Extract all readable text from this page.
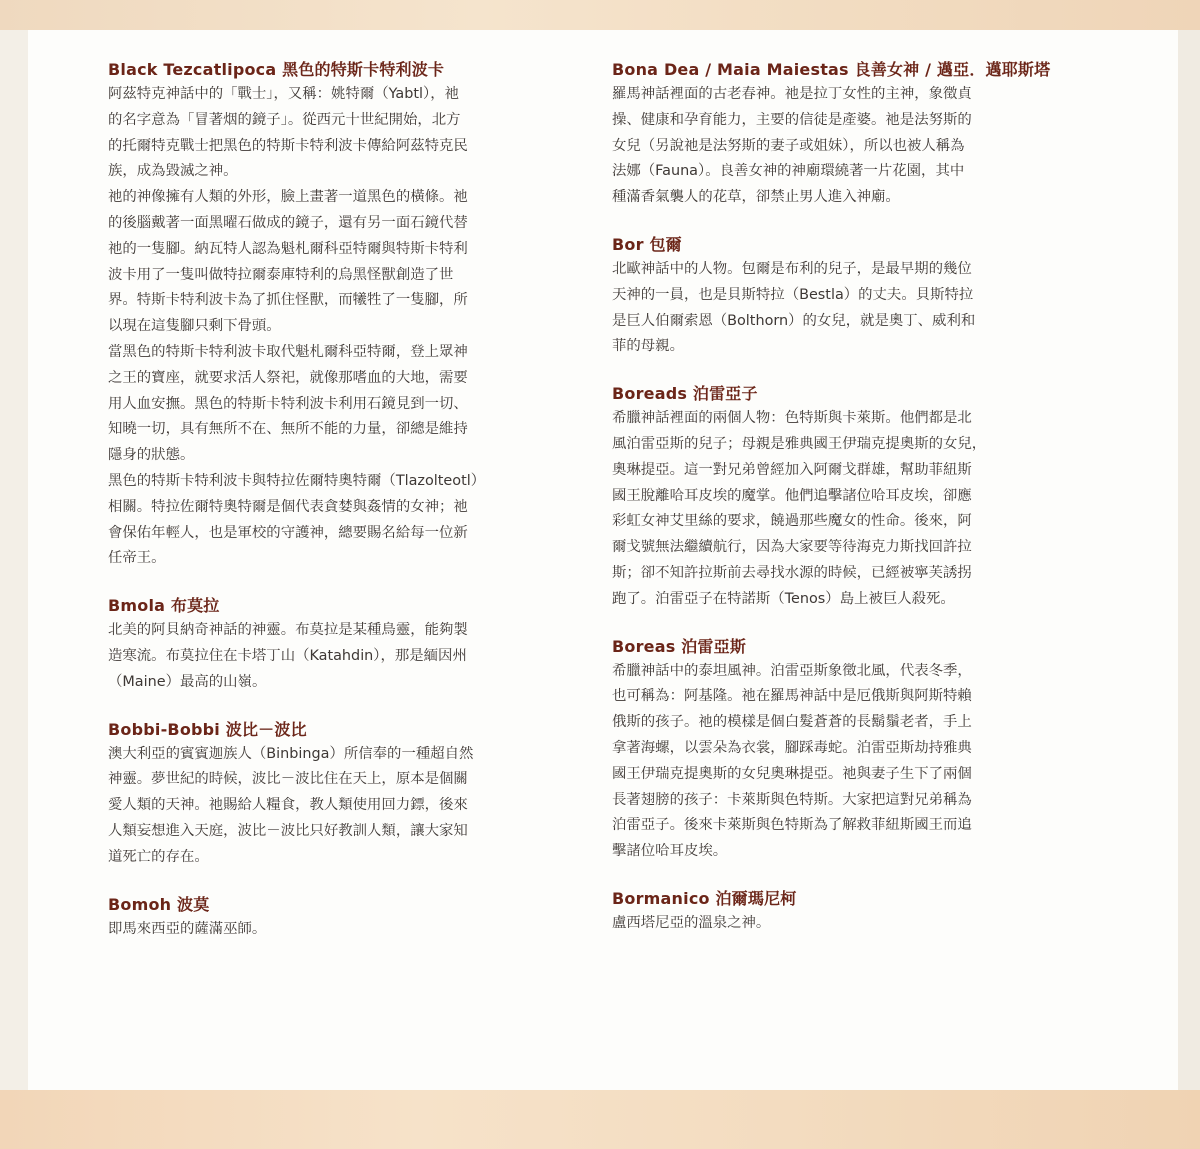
Black Tezcatlipoca 黑色的特斯卡特利波卡
阿茲特克神話中的「戰士」，又稱：姚特爾（Yabtl），祂
的名字意為「冒著烟的鏡子」。從西元十世紀開始，北方
的托爾特克戰士把黑色的特斯卡特利波卡傳給阿茲特克民
族，成為毀滅之神。
祂的神像擁有人類的外形，臉上畫著一道黑色的橫條。祂
的後腦戴著一面黑曜石做成的鏡子，還有另一面石鏡代替
祂的一隻腳。納瓦特人認為魁札爾科亞特爾與特斯卡特利
波卡用了一隻叫做特拉爾泰庫特利的烏黑怪獸創造了世
界。特斯卡特利波卡為了抓住怪獸，而犧牲了一隻腳，所
以現在這隻腳只剩下骨頭。
當黑色的特斯卡特利波卡取代魁札爾科亞特爾，登上眾神
之王的寶座，就要求活人祭祀，就像那嗜血的大地，需要
用人血安撫。黑色的特斯卡特利波卡利用石鏡見到一切、
知曉一切，具有無所不在、無所不能的力量，卻總是維持
隱身的狀態。
黑色的特斯卡特利波卡與特拉佐爾特奧特爾（Tlazolteotl）
相關。特拉佐爾特奧特爾是個代表貪婪與姦情的女神；祂
會保佑年輕人，也是軍校的守護神，總要賜名給每一位新
任帝王。
Bmola 布莫拉
北美的阿貝納奇神話的神靈。布莫拉是某種鳥靈，能夠製
造寒流。布莫拉住在卡塔丁山（Katahdin），那是緬因州
（Maine）最高的山嶺。
Bobbi-Bobbi 波比－波比
澳大利亞的賓賓迦族人（Binbinga）所信奉的一種超自然
神靈。夢世紀的時候，波比－波比住在天上，原本是個關
愛人類的天神。祂賜給人糧食，教人類使用回力鏢，後來
人類妄想進入天庭，波比－波比只好教訓人類，讓大家知
道死亡的存在。
Bomoh 波莫
即馬來西亞的薩滿巫師。
Bona Dea / Maia Maiestas 良善女神 / 邁亞．邁耶斯塔
羅馬神話裡面的古老春神。祂是拉丁女性的主神，象徵貞
操、健康和孕育能力，主要的信徒是產婆。祂是法努斯的
女兒（另說祂是法努斯的妻子或姐妹），所以也被人稱為
法娜（Fauna）。良善女神的神廟環繞著一片花園，其中
種滿香氣襲人的花草，卻禁止男人進入神廟。
Bor 包爾
北歐神話中的人物。包爾是布利的兒子，是最早期的幾位
天神的一員，也是貝斯特拉（Bestla）的丈夫。貝斯特拉
是巨人伯爾索恩（Bolthorn）的女兒，就是奧丁、威利和
菲的母親。
Boreads 泊雷亞子
希臘神話裡面的兩個人物：色特斯與卡萊斯。他們都是北
風泊雷亞斯的兒子；母親是雅典國王伊瑞克提奧斯的女兒，
奧琳提亞。這一對兄弟曾經加入阿爾戈群雄，幫助菲紐斯
國王脫離哈耳皮埃的魔掌。他們追擊諸位哈耳皮埃，卻應
彩虹女神艾里絲的要求，饒過那些魔女的性命。後來，阿
爾戈號無法繼續航行，因為大家要等待海克力斯找回許拉
斯；卻不知許拉斯前去尋找水源的時候，已經被寧芙誘拐
跑了。泊雷亞子在特諾斯（Tenos）島上被巨人殺死。
Boreas 泊雷亞斯
希臘神話中的泰坦風神。泊雷亞斯象徵北風，代表冬季，
也可稱為：阿基隆。祂在羅馬神話中是厄俄斯與阿斯特賴
俄斯的孩子。祂的模樣是個白髮蒼蒼的長鬍鬚老者，手上
拿著海螺，以雲朵為衣裳，腳踩毒蛇。泊雷亞斯劫持雅典
國王伊瑞克提奧斯的女兒奧琳提亞。祂與妻子生下了兩個
長著翅膀的孩子：卡萊斯與色特斯。大家把這對兄弟稱為
泊雷亞子。後來卡萊斯與色特斯為了解救菲紐斯國王而追
擊諸位哈耳皮埃。
Bormanico 泊爾瑪尼柯
盧西塔尼亞的溫泉之神。
